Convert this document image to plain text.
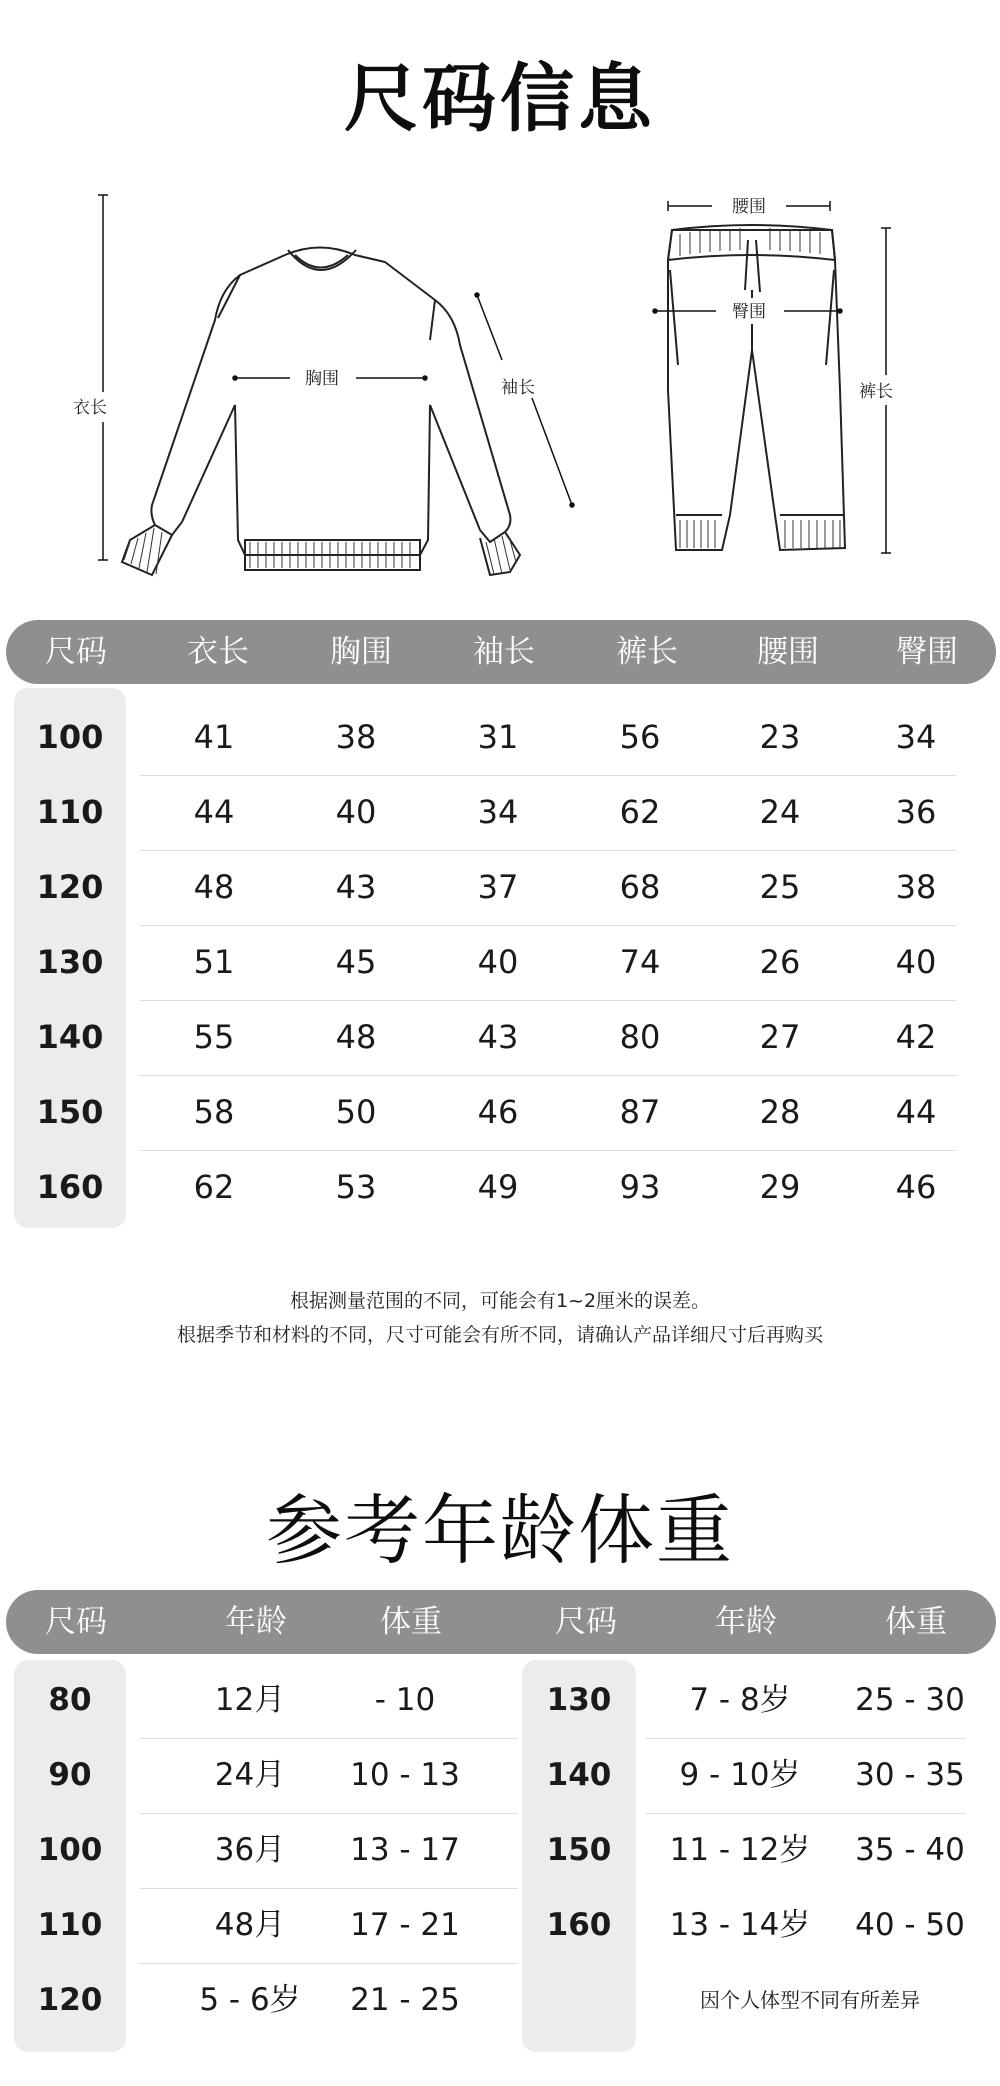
尺码信息
衣长
胸围	袖长
腰围
臀围
裤长
尺码	衣长	胸围	袖长	裤长	腰围	臀围
100	41	38	31	56	23	34
110	44	40	34	62	24	36
120	48	43	37	68	25	38
130	51	45	40	74	26	40
140	55	48	43	80	27	42
150	58	50	46	87	28	44
160	62	53	49	93	29	46
根据测量范围的不同，可能会有1~2厘米的误差。
根据季节和材料的不同，尺寸可能会有所不同，请确认产品详细尺寸后再购买
参考年龄体重
尺码	年龄	体重	尺码	年龄	体重
80	12月	- 10
90	24月	10 - 13
100	36月	13 - 17
110	48月	17 - 21
120	5 - 6岁	21 - 25
130	7 - 8岁	25 - 30
140	9 - 10岁	30 - 35
150	11 - 12岁	35 - 40
160	13 - 14岁	40 - 50
因个人体型不同有所差异
